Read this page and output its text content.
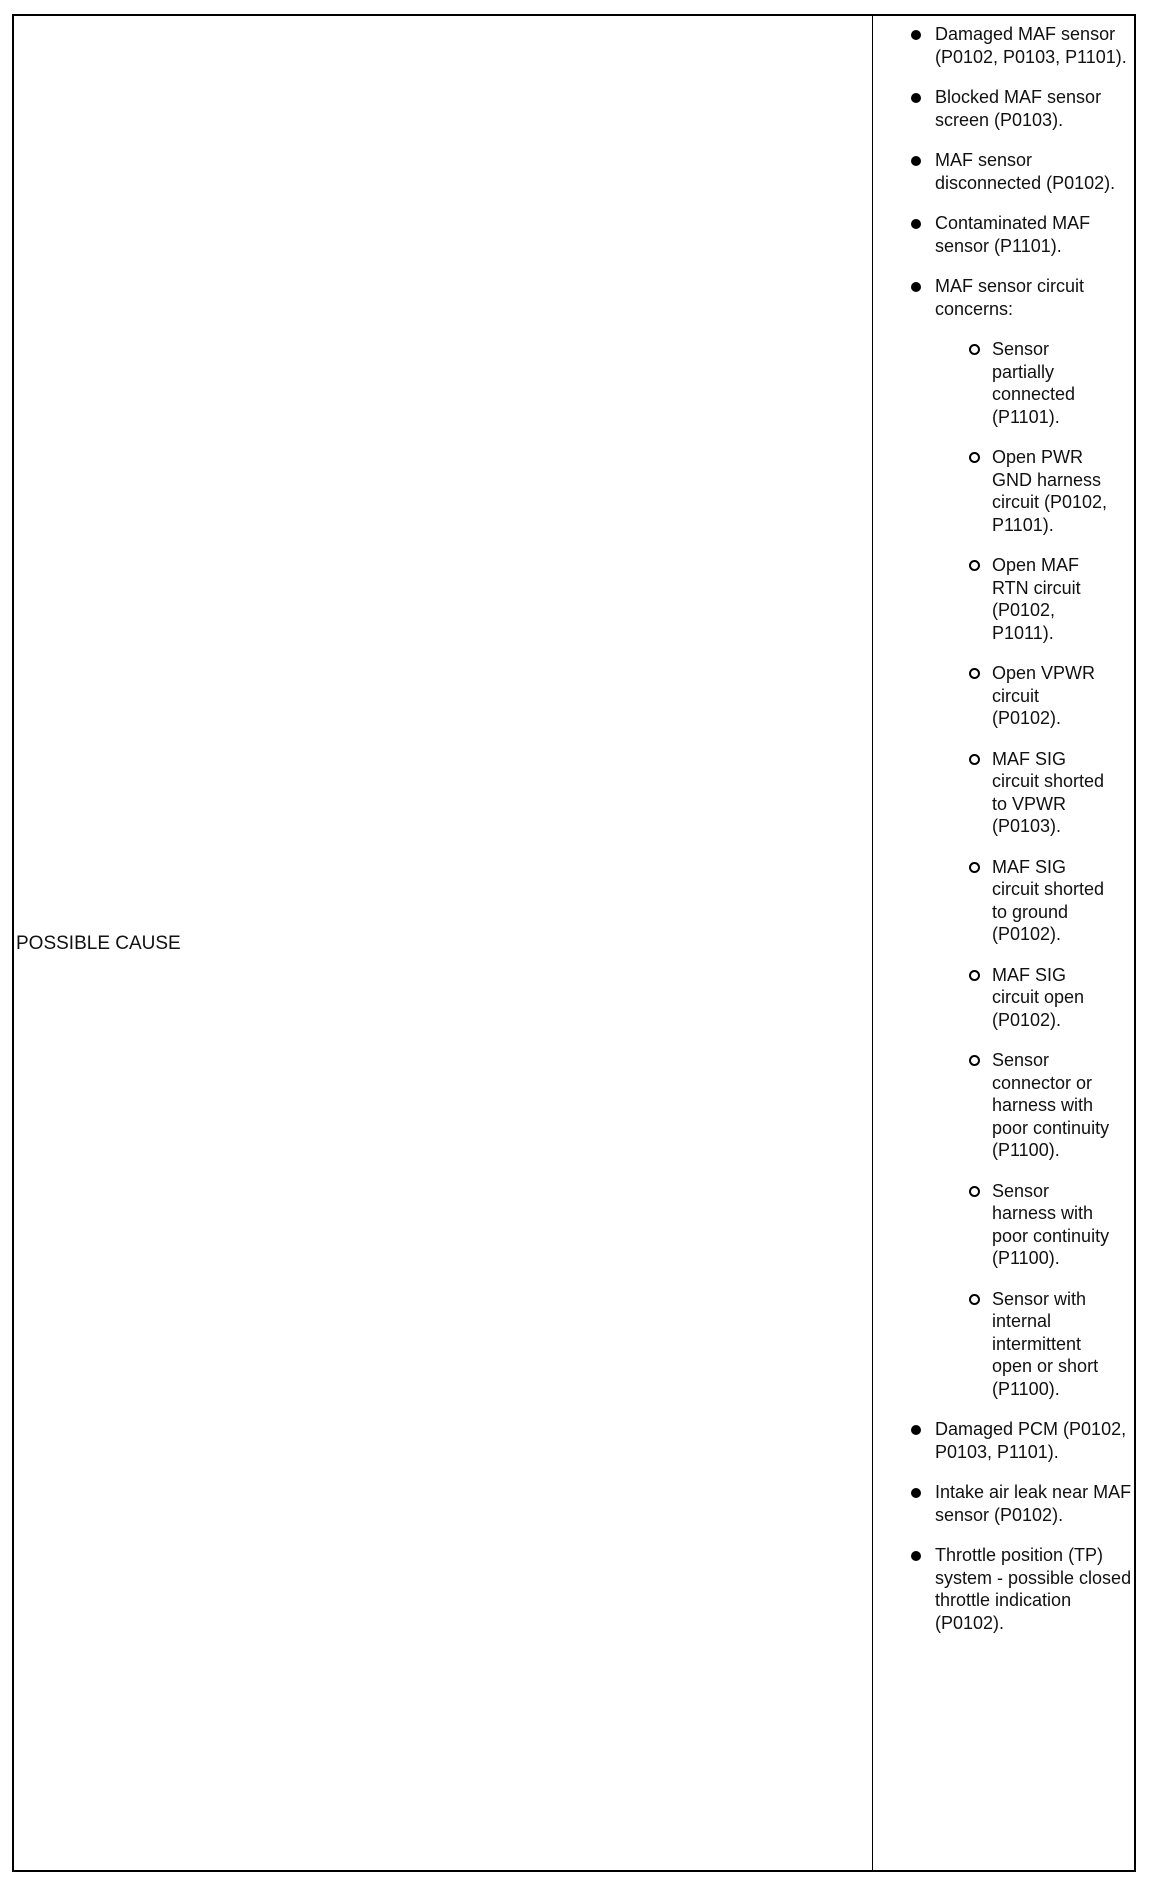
POSSIBLE CAUSE
Damaged MAF sensor (P0102, P0103, P1101).
Blocked MAF sensor screen (P0103).
MAF sensor disconnected (P0102).
Contaminated MAF sensor (P1101).
MAF sensor circuit concerns:
Sensor partially connected (P1101).
Open PWR GND harness circuit (P0102, P1101).
Open MAF RTN circuit (P0102, P1011).
Open VPWR circuit (P0102).
MAF SIG circuit shorted to VPWR (P0103).
MAF SIG circuit shorted to ground (P0102).
MAF SIG circuit open (P0102).
Sensor connector or harness with poor continuity (P1100).
Sensor harness with poor continuity (P1100).
Sensor with internal intermittent open or short (P1100).
Damaged PCM (P0102, P0103, P1101).
Intake air leak near MAF sensor (P0102).
Throttle position (TP) system - possible closed throttle indication (P0102).
